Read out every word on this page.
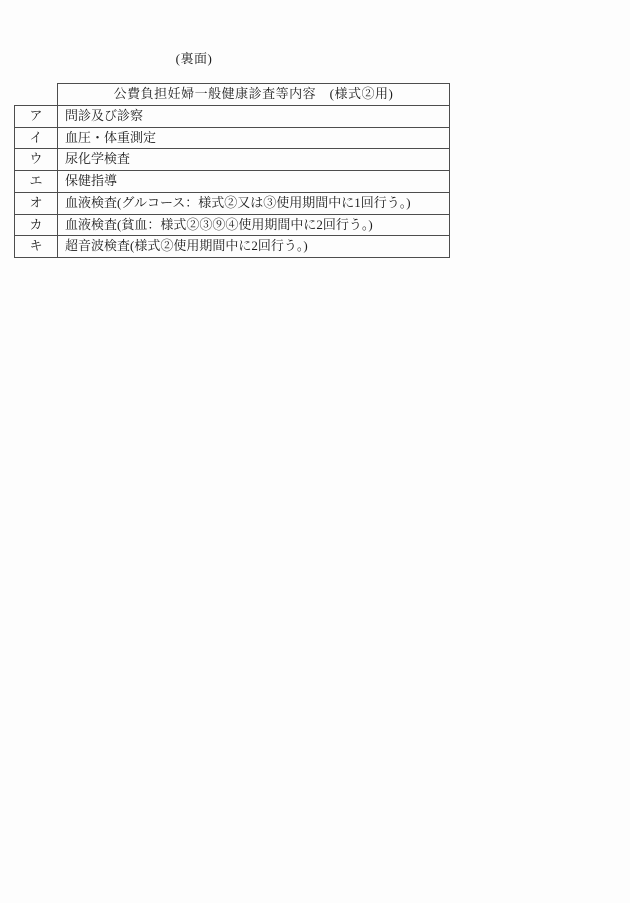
(裏面)
	公費負担妊婦一般健康診査等内容　(様式②用)
ア	問診及び診察
イ	血圧・体重測定
ウ	尿化学検査
エ	保健指導
オ	血液検査(グルコース：様式②又は③使用期間中に1回行う。)
カ	血液検査(貧血：様式②③⑨④使用期間中に2回行う。)
キ	超音波検査(様式②使用期間中に2回行う。)
